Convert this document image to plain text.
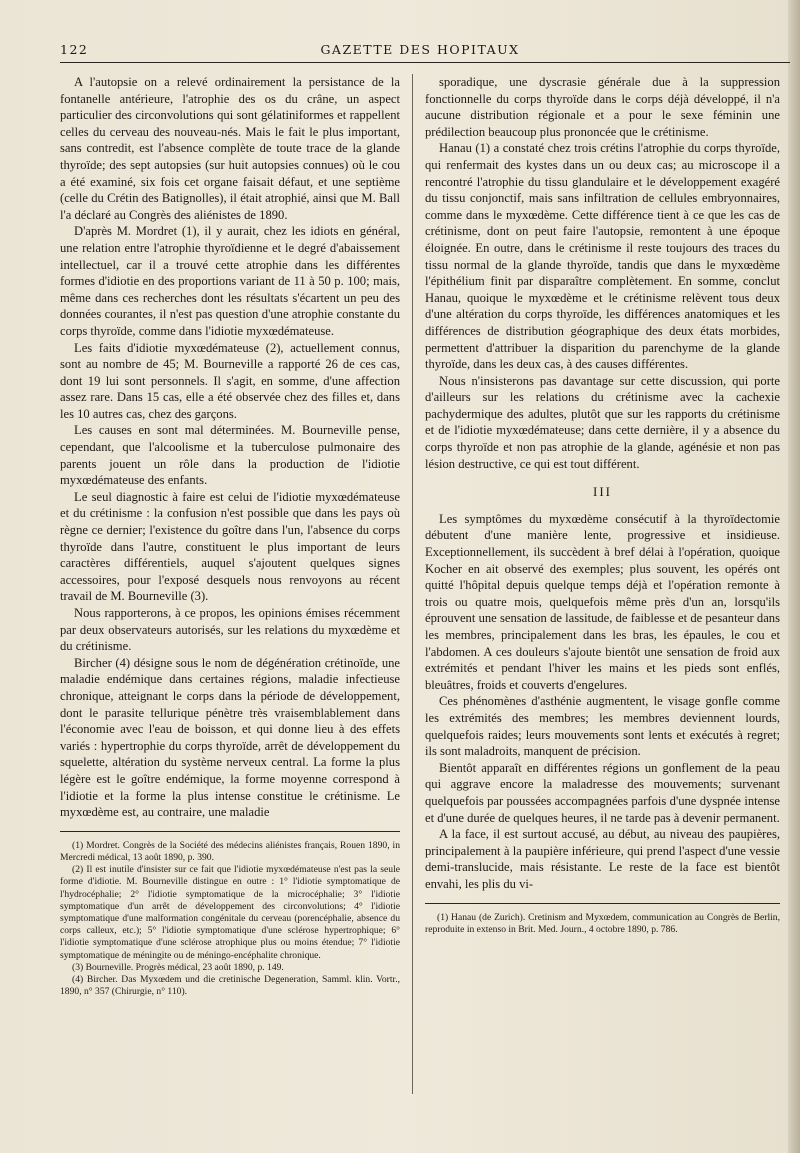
122	GAZETTE DES HOPITAUX

A l'autopsie on a relevé ordinairement la persistance de la fontanelle antérieure, l'atrophie des os du crâne, un aspect particulier des circonvolutions qui sont gélatiniformes et rappellent celles du cerveau des nouveau-nés. Mais le fait le plus important, sans contredit, est l'absence complète de toute trace de la glande thyroïde; des sept autopsies (sur huit autopsies connues) où le cou a été examiné, six fois cet organe faisait défaut, et une septième (celle du Crétin des Batignolles), il était atrophié, ainsi que M. Ball l'a déclaré au Congrès des aliénistes de 1890.

D'après M. Mordret (1), il y aurait, chez les idiots en général, une relation entre l'atrophie thyroïdienne et le degré d'abaissement intellectuel, car il a trouvé cette atrophie dans les différentes formes d'idiotie en des proportions variant de 11 à 50 p. 100; mais, même dans ces recherches dont les résultats s'écartent un peu des données courantes, il n'est pas question d'une atrophie constante du corps thyroïde, comme dans l'idiotie myxœdémateuse.

Les faits d'idiotie myxœdémateuse (2), actuellement connus, sont au nombre de 45; M. Bourneville a rapporté 26 de ces cas, dont 19 lui sont personnels. Il s'agit, en somme, d'une affection assez rare. Dans 15 cas, elle a été observée chez des filles et, dans les 10 autres cas, chez des garçons.

Les causes en sont mal déterminées. M. Bourneville pense, cependant, que l'alcoolisme et la tuberculose pulmonaire des parents jouent un rôle dans la production de l'idiotie myxœdémateuse des enfants.

Le seul diagnostic à faire est celui de l'idiotie myxœdémateuse et du crétinisme : la confusion n'est possible que dans les pays où règne ce dernier; l'existence du goître dans l'un, l'absence du corps thyroïde dans l'autre, constituent le plus important de leurs caractères différentiels, auquel s'ajoutent quelques signes accessoires, pour l'exposé desquels nous renvoyons au récent travail de M. Bourneville (3).

Nous rapporterons, à ce propos, les opinions émises récemment par deux observateurs autorisés, sur les relations du myxœdème et du crétinisme.

Bircher (4) désigne sous le nom de dégénération crétinoïde, une maladie endémique dans certaines régions, maladie infectieuse chronique, atteignant le corps dans la période de développement, dont le parasite tellurique pénètre très vraisemblablement dans l'économie avec l'eau de boisson, et qui donne lieu à des effets variés : hypertrophie du corps thyroïde, arrêt de développement du squelette, altération du système nerveux central. La forme la plus légère est le goître endémique, la forme moyenne correspond à l'idiotie et la forme la plus intense constitue le crétinisme. Le myxœdème est, au contraire, une maladie

(1) Mordret. Congrès de la Société des médecins aliénistes français, Rouen 1890, in Mercredi médical, 13 août 1890, p. 390.

(2) Il est inutile d'insister sur ce fait que l'idiotie myxœdémateuse n'est pas la seule forme d'idiotie. M. Bourneville distingue en outre : 1° l'idiotie symptomatique de l'hydrocéphalie; 2° l'idiotie symptomatique de la microcéphalie; 3° l'idiotie symptomatique d'un arrêt de développement des circonvolutions; 4° l'idiotie symptomatique d'une malformation congénitale du cerveau (porencéphalie, absence du corps calleux, etc.); 5° l'idiotie symptomatique d'une sclérose hypertrophique; 6° l'idiotie symptomatique d'une sclérose atrophique plus ou moins étendue; 7° l'idiotie symptomatique de méningite ou de méningo-encéphalite chronique.

(3) Bourneville. Progrès médical, 23 août 1890, p. 149.

(4) Bircher. Das Myxœdem und die cretinische Degeneration, Samml. klin. Vortr., 1890, n° 357 (Chirurgie, n° 110).

sporadique, une dyscrasie générale due à la suppression fonctionnelle du corps thyroïde dans le corps déjà développé, il n'a aucune distribution régionale et a pour le sexe féminin une prédilection beaucoup plus prononcée que le crétinisme.

Hanau (1) a constaté chez trois crétins l'atrophie du corps thyroïde, qui renfermait des kystes dans un ou deux cas; au microscope il a rencontré l'atrophie du tissu glandulaire et le développement exagéré du tissu conjonctif, mais sans infiltration de cellules embryonnaires, comme dans le myxœdème. Cette différence tient à ce que les cas de crétinisme, dont on peut faire l'autopsie, remontent à une époque éloignée. En outre, dans le crétinisme il reste toujours des traces du tissu normal de la glande thyroïde, tandis que dans le myxœdème l'épithélium finit par disparaître complètement. En somme, conclut Hanau, quoique le myxœdème et le crétinisme relèvent tous deux d'une altération du corps thyroïde, les différences anatomiques et les différences de distribution géographique des deux états morbides, permettent d'attribuer la disparition du parenchyme de la glande thyroïde, dans les deux cas, à des causes différentes.

Nous n'insisterons pas davantage sur cette discussion, qui porte d'ailleurs sur les relations du crétinisme avec la cachexie pachydermique des adultes, plutôt que sur les rapports du crétinisme et de l'idiotie myxœdémateuse; dans cette dernière, il y a absence du corps thyroïde et non pas atrophie de la glande, agénésie et non pas lésion destructive, ce qui est tout différent.

III

Les symptômes du myxœdème consécutif à la thyroïdectomie débutent d'une manière lente, progressive et insidieuse. Exceptionnellement, ils succèdent à bref délai à l'opération, quoique Kocher en ait observé des exemples; plus souvent, les opérés ont quitté l'hôpital depuis quelque temps déjà et l'opération remonte à trois ou quatre mois, quelquefois même près d'un an, lorsqu'ils éprouvent une sensation de lassitude, de faiblesse et de pesanteur dans les membres, principalement dans les bras, les épaules, le cou et l'abdomen. A ces douleurs s'ajoute bientôt une sensation de froid aux extrémités et pendant l'hiver les mains et les pieds sont enflés, bleuâtres, froids et couverts d'engelures.

Ces phénomènes d'asthénie augmentent, le visage gonfle comme les extrémités des membres; les membres deviennent lourds, quelquefois raides; leurs mouvements sont lents et exécutés à regret; ils sont maladroits, manquent de précision.

Bientôt apparaît en différentes régions un gonflement de la peau qui aggrave encore la maladresse des mouvements; survenant quelquefois par poussées accompagnées parfois d'une dyspnée intense et d'une durée de quelques heures, il ne tarde pas à devenir permanent.

A la face, il est surtout accusé, au début, au niveau des paupières, principalement à la paupière inférieure, qui prend l'aspect d'une vessie demi-translucide, mais résistante. Le reste de la face est bientôt envahi, les plis du vi-

(1) Hanau (de Zurich). Cretinism and Myxœdem, communication au Congrès de Berlin, reproduite in extenso in Brit. Med. Journ., 4 octobre 1890, p. 786.
